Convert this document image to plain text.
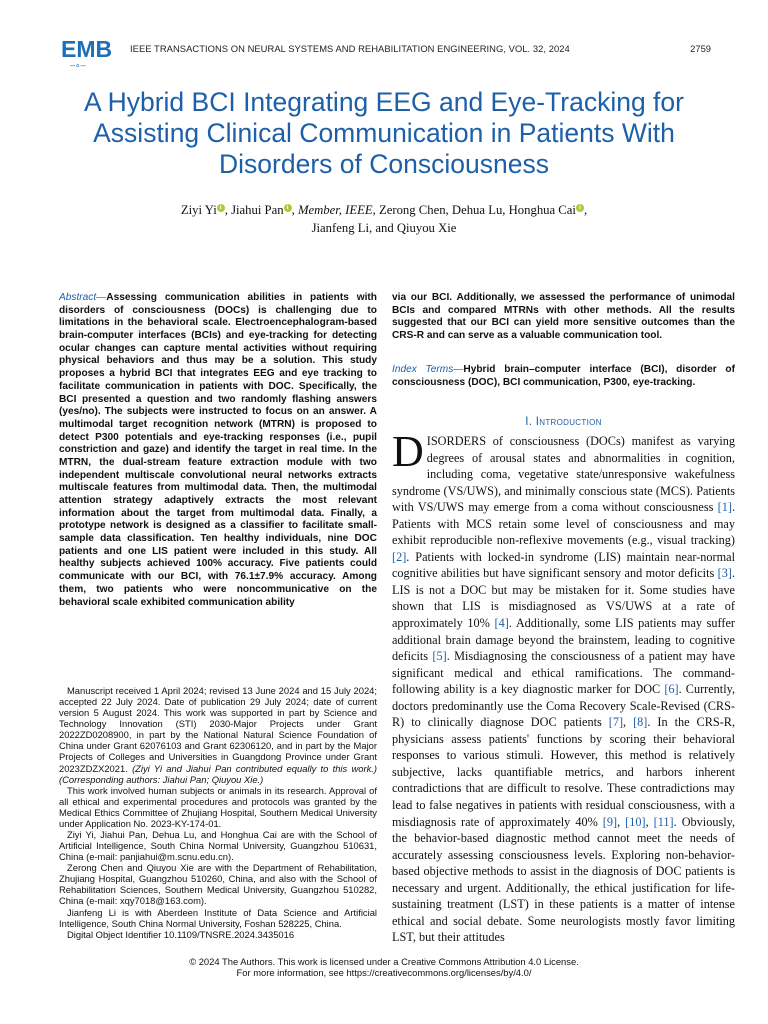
EMB
–∘–
IEEE TRANSACTIONS ON NEURAL SYSTEMS AND REHABILITATION ENGINEERING, VOL. 32, 2024	2759
A Hybrid BCI Integrating EEG and Eye-Tracking for Assisting Clinical Communication in Patients With Disorders of Consciousness
Ziyi Yi i , Jiahui Pan i , Member, IEEE, Zerong Chen, Dehua Lu, Honghua Cai i ,
Jianfeng Li, and Qiuyou Xie
Abstract—Assessing communication abilities in patients with disorders of consciousness (DOCs) is challenging due to limitations in the behavioral scale. Electroencephalogram-based brain-computer interfaces (BCIs) and eye-tracking for detecting ocular changes can capture mental activities without requiring physical behaviors and thus may be a solution. This study proposes a hybrid BCI that integrates EEG and eye tracking to facilitate communication in patients with DOC. Specifically, the BCI presented a question and two randomly flashing answers (yes/no). The subjects were instructed to focus on an answer. A multimodal target recognition network (MTRN) is proposed to detect P300 potentials and eye-tracking responses (i.e., pupil constriction and gaze) and identify the target in real time. In the MTRN, the dual-stream feature extraction module with two independent multiscale convolutional neural networks extracts multiscale features from multimodal data. Then, the multimodal attention strategy adaptively extracts the most relevant information about the target from multimodal data. Finally, a prototype network is designed as a classifier to facilitate small-sample data classification. Ten healthy individuals, nine DOC patients and one LIS patient were included in this study. All healthy subjects achieved 100% accuracy. Five patients could communicate with our BCI, with 76.1±7.9% accuracy. Among them, two patients who were noncommunicative on the behavioral scale exhibited communication ability
via our BCI. Additionally, we assessed the performance of unimodal BCIs and compared MTRNs with other methods. All the results suggested that our BCI can yield more sensitive outcomes than the CRS-R and can serve as a valuable communication tool.
Index Terms—Hybrid brain–computer interface (BCI), disorder of consciousness (DOC), BCI communication, P300, eye-tracking.

Manuscript received 1 April 2024; revised 13 June 2024 and 15 July 2024; accepted 22 July 2024. Date of publication 29 July 2024; date of current version 5 August 2024. This work was supported in part by Science and Technology Innovation (STI) 2030-Major Projects under Grant 2022ZD0208900, in part by the National Natural Science Foundation of China under Grant 62076103 and Grant 62306120, and in part by the Major Projects of Colleges and Universities in Guangdong Province under Grant 2023ZDZX2021. (Ziyi Yi and Jiahui Pan contributed equally to this work.) (Corresponding authors: Jiahui Pan; Qiuyou Xie.)

This work involved human subjects or animals in its research. Approval of all ethical and experimental procedures and protocols was granted by the Medical Ethics Committee of Zhujiang Hospital, Southern Medical University under Application No. 2023-KY-174-01.

Ziyi Yi, Jiahui Pan, Dehua Lu, and Honghua Cai are with the School of Artificial Intelligence, South China Normal University, Guangzhou 510631, China (e-mail: panjiahui@m.scnu.edu.cn).

Zerong Chen and Qiuyou Xie are with the Department of Rehabilitation, Zhujiang Hospital, Guangzhou 510260, China, and also with the School of Rehabilitation Sciences, Southern Medical University, Guangzhou 510282, China (e-mail: xqy7018@163.com).

Jianfeng Li is with Aberdeen Institute of Data Science and Artificial Intelligence, South China Normal University, Foshan 528225, China.

Digital Object Identifier 10.1109/TNSRE.2024.3435016

I. Introduction
DISORDERS of consciousness (DOCs) manifest as varying degrees of arousal states and abnormalities in cognition, including coma, vegetative state/unresponsive wakefulness syndrome (VS/UWS), and minimally conscious state (MCS). Patients with VS/UWS may emerge from a coma without consciousness [1]. Patients with MCS retain some level of consciousness and may exhibit reproducible non-reflexive movements (e.g., visual tracking) [2]. Patients with locked-in syndrome (LIS) maintain near-normal cognitive abilities but have significant sensory and motor deficits [3]. LIS is not a DOC but may be mistaken for it. Some studies have shown that LIS is misdiagnosed as VS/UWS at a rate of approximately 10% [4]. Additionally, some LIS patients may suffer additional brain damage beyond the brainstem, leading to cognitive deficits [5]. Misdiagnosing the consciousness of a patient may have significant medical and ethical ramifications. The command-following ability is a key diagnostic marker for DOC [6]. Currently, doctors predominantly use the Coma Recovery Scale-Revised (CRS-R) to clinically diagnose DOC patients [7], [8]. In the CRS-R, physicians assess patients' functions by scoring their behavioral responses to various stimuli. However, this method is relatively subjective, lacks quantifiable metrics, and harbors inherent contradictions that are difficult to resolve. These contradictions may lead to false negatives in patients with residual consciousness, with a misdiagnosis rate of approximately 40% [9], [10], [11]. Obviously, the behavior-based diagnostic method cannot meet the needs of accurately assessing consciousness levels. Exploring non-behavior-based objective methods to assist in the diagnosis of DOC patients is necessary and urgent. Additionally, the ethical justification for life-sustaining treatment (LST) in these patients is a matter of intense ethical and social debate. Some neurologists mostly favor limiting LST, but their attitudes
© 2024 The Authors. This work is licensed under a Creative Commons Attribution 4.0 License.
For more information, see https://creativecommons.org/licenses/by/4.0/
